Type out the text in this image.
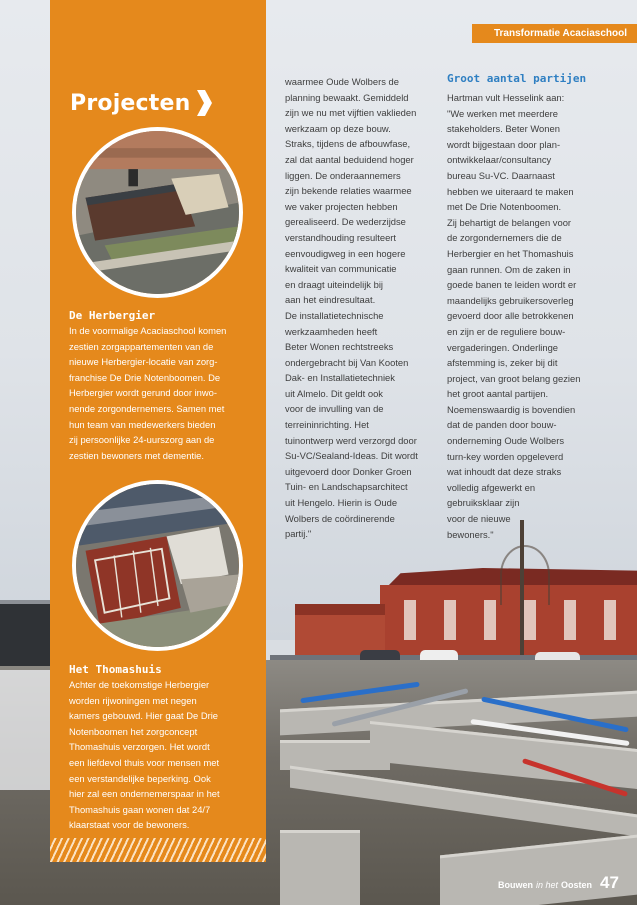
Transformatie Acaciaschool
Projecten
De Herbergier

In de voormalige Acaciaschool komen

zestien zorgappartementen van de

nieuwe Herbergier-locatie van zorg-

franchise De Drie Notenboomen. De

Herbergier wordt gerund door inwo-

nende zorgondernemers. Samen met

hun team van medewerkers bieden

zij persoonlijke 24-uurszorg aan de

zestien bewoners met dementie.

Het Thomashuis

Achter de toekomstige Herbergier

worden rijwoningen met negen

kamers gebouwd. Hier gaat De Drie

Notenboomen het zorgconcept

Thomashuis verzorgen. Het wordt

een liefdevol thuis voor mensen met

een verstandelijke beperking. Ook

hier zal een ondernemerspaar in het

Thomashuis gaan wonen dat 24/7

klaarstaat voor de bewoners.

waarmee Oude Wolbers de

planning bewaakt. Gemiddeld

zijn we nu met vijftien vaklieden

werkzaam op deze bouw.

Straks, tijdens de afbouwfase,

zal dat aantal beduidend hoger

liggen. De onderaannemers

zijn bekende relaties waarmee

we vaker projecten hebben

gerealiseerd. De wederzijdse

verstandhouding resulteert

eenvoudigweg in een hogere

kwaliteit van communicatie

en draagt uiteindelijk bij

aan het eindresultaat.

De installatietechnische

werkzaamheden heeft

Beter Wonen rechtstreeks

ondergebracht bij Van Kooten

Dak- en Installatietechniek

uit Almelo. Dit geldt ook

voor de invulling van de

terreininrichting. Het

tuinontwerp werd verzorgd door

Su-VC/Sealand-Ideas. Dit wordt

uitgevoerd door Donker Groen

Tuin- en Landschapsarchitect

uit Hengelo. Hierin is Oude

Wolbers de coördinerende

partij."

Groot aantal partijen

Hartman vult Hesselink aan:

"We werken met meerdere

stakeholders. Beter Wonen

wordt bijgestaan door plan-

ontwikkelaar/consultancy

bureau Su-VC. Daarnaast

hebben we uiteraard te maken

met De Drie Notenboomen.

Zij behartigt de belangen voor

de zorgondernemers die de

Herbergier en het Thomashuis

gaan runnen. Om de zaken in

goede banen te leiden wordt er

maandelijks gebruikersoverleg

gevoerd door alle betrokkenen

en zijn er de reguliere bouw-

vergaderingen. Onderlinge

afstemming is, zeker bij dit

project, van groot belang gezien

het groot aantal partijen.

Noemenswaardig is bovendien

dat de panden door bouw-

onderneming Oude Wolbers

turn-key worden opgeleverd

wat inhoudt dat deze straks

volledig afgewerkt en

gebruiksklaar zijn

voor de nieuwe

bewoners."

Bouwen in het Oosten 47
